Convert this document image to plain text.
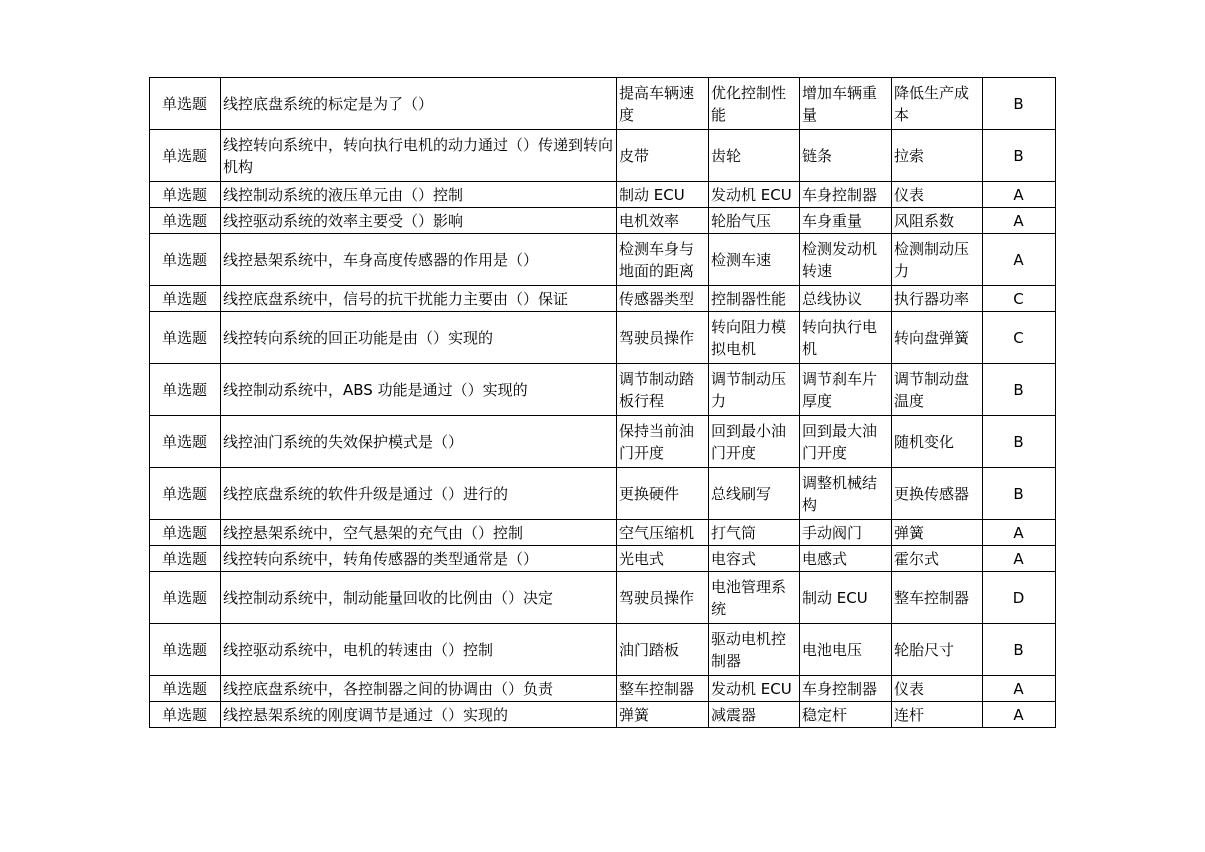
单选题	线控底盘系统的标定是为了（）	提高车辆速度	优化控制性能	增加车辆重量	降低生产成本	B
单选题	线控转向系统中，转向执行电机的动力通过（）传递到转向机构	皮带	齿轮	链条	拉索	B
单选题	线控制动系统的液压单元由（）控制	制动 ECU	发动机 ECU	车身控制器	仪表	A
单选题	线控驱动系统的效率主要受（）影响	电机效率	轮胎气压	车身重量	风阻系数	A
单选题	线控悬架系统中，车身高度传感器的作用是（）	检测车身与地面的距离	检测车速	检测发动机转速	检测制动压力	A
单选题	线控底盘系统中，信号的抗干扰能力主要由（）保证	传感器类型	控制器性能	总线协议	执行器功率	C
单选题	线控转向系统的回正功能是由（）实现的	驾驶员操作	转向阻力模拟电机	转向执行电机	转向盘弹簧	C
单选题	线控制动系统中，ABS 功能是通过（）实现的	调节制动踏板行程	调节制动压力	调节刹车片厚度	调节制动盘温度	B
单选题	线控油门系统的失效保护模式是（）	保持当前油门开度	回到最小油门开度	回到最大油门开度	随机变化	B
单选题	线控底盘系统的软件升级是通过（）进行的	更换硬件	总线刷写	调整机械结构	更换传感器	B
单选题	线控悬架系统中，空气悬架的充气由（）控制	空气压缩机	打气筒	手动阀门	弹簧	A
单选题	线控转向系统中，转角传感器的类型通常是（）	光电式	电容式	电感式	霍尔式	A
单选题	线控制动系统中，制动能量回收的比例由（）决定	驾驶员操作	电池管理系统	制动 ECU	整车控制器	D
单选题	线控驱动系统中，电机的转速由（）控制	油门踏板	驱动电机控制器	电池电压	轮胎尺寸	B
单选题	线控底盘系统中，各控制器之间的协调由（）负责	整车控制器	发动机 ECU	车身控制器	仪表	A
单选题	线控悬架系统的刚度调节是通过（）实现的	弹簧	减震器	稳定杆	连杆	A
